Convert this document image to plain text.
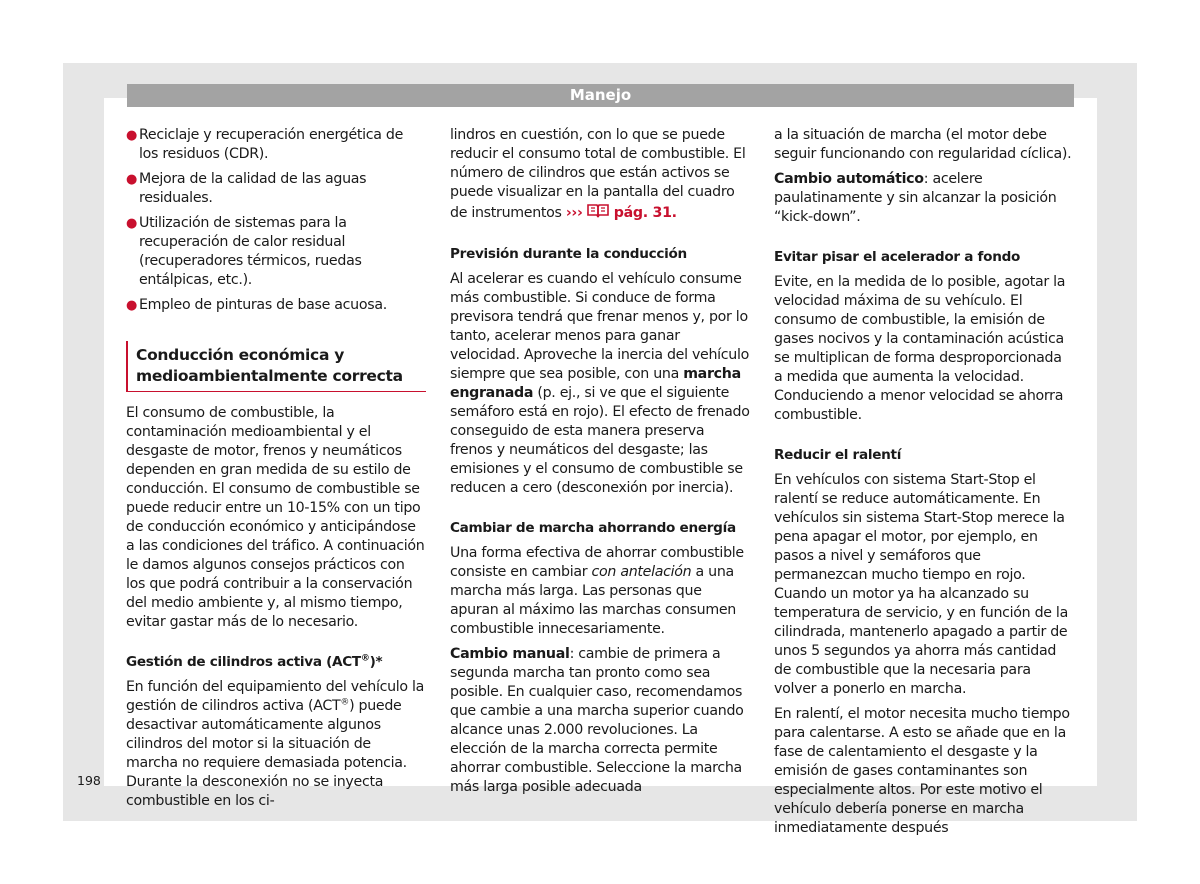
Manejo
● Reciclaje y recuperación energética de los residuos (CDR).
● Mejora de la calidad de las aguas residuales.
● Utilización de sistemas para la recuperación de calor residual (recuperadores térmicos, ruedas entálpicas, etc.).
● Empleo de pinturas de base acuosa.
Conducción económica y medioambientalmente correcta

El consumo de combustible, la contaminación medioambiental y el desgaste de motor, frenos y neumáticos dependen en gran medida de su estilo de conducción. El consumo de combustible se puede reducir entre un 10-15% con un tipo de conducción económico y anticipándose a las condiciones del tráfico. A continuación le damos algunos consejos prácticos con los que podrá contribuir a la conservación del medio ambiente y, al mismo tiempo, evitar gastar más de lo necesario.

Gestión de cilindros activa (ACT®)*

En función del equipamiento del vehículo la gestión de cilindros activa (ACT®) puede desactivar automáticamente algunos cilindros del motor si la situación de marcha no requiere demasiada potencia. Durante la desconexión no se inyecta combustible en los ci-

lindros en cuestión, con lo que se puede reducir el consumo total de combustible. El número de cilindros que están activos se puede visualizar en la pantalla del cuadro de instrumentos ››› pág. 31.

Previsión durante la conducción

Al acelerar es cuando el vehículo consume más combustible. Si conduce de forma previsora tendrá que frenar menos y, por lo tanto, acelerar menos para ganar velocidad. Aproveche la inercia del vehículo siempre que sea posible, con una marcha engranada (p. ej., si ve que el siguiente semáforo está en rojo). El efecto de frenado conseguido de esta manera preserva frenos y neumáticos del desgaste; las emisiones y el consumo de combustible se reducen a cero (desconexión por inercia).

Cambiar de marcha ahorrando energía

Una forma efectiva de ahorrar combustible consiste en cambiar con antelación a una marcha más larga. Las personas que apuran al máximo las marchas consumen combustible innecesariamente.

Cambio manual: cambie de primera a segunda marcha tan pronto como sea posible. En cualquier caso, recomendamos que cambie a una marcha superior cuando alcance unas 2.000 revoluciones. La elección de la marcha correcta permite ahorrar combustible. Seleccione la marcha más larga posible adecuada

a la situación de marcha (el motor debe seguir funcionando con regularidad cíclica).

Cambio automático: acelere paulatinamente y sin alcanzar la posición “kick-down”.

Evitar pisar el acelerador a fondo

Evite, en la medida de lo posible, agotar la velocidad máxima de su vehículo. El consumo de combustible, la emisión de gases nocivos y la contaminación acústica se multiplican de forma desproporcionada a medida que aumenta la velocidad. Conduciendo a menor velocidad se ahorra combustible.

Reducir el ralentí

En vehículos con sistema Start-Stop el ralentí se reduce automáticamente. En vehículos sin sistema Start-Stop merece la pena apagar el motor, por ejemplo, en pasos a nivel y semáforos que permanezcan mucho tiempo en rojo. Cuando un motor ya ha alcanzado su temperatura de servicio, y en función de la cilindrada, mantenerlo apagado a partir de unos 5 segundos ya ahorra más cantidad de combustible que la necesaria para volver a ponerlo en marcha.

En ralentí, el motor necesita mucho tiempo para calentarse. A esto se añade que en la fase de calentamiento el desgaste y la emisión de gases contaminantes son especialmente altos. Por este motivo el vehículo debería ponerse en marcha inmediatamente después

198
